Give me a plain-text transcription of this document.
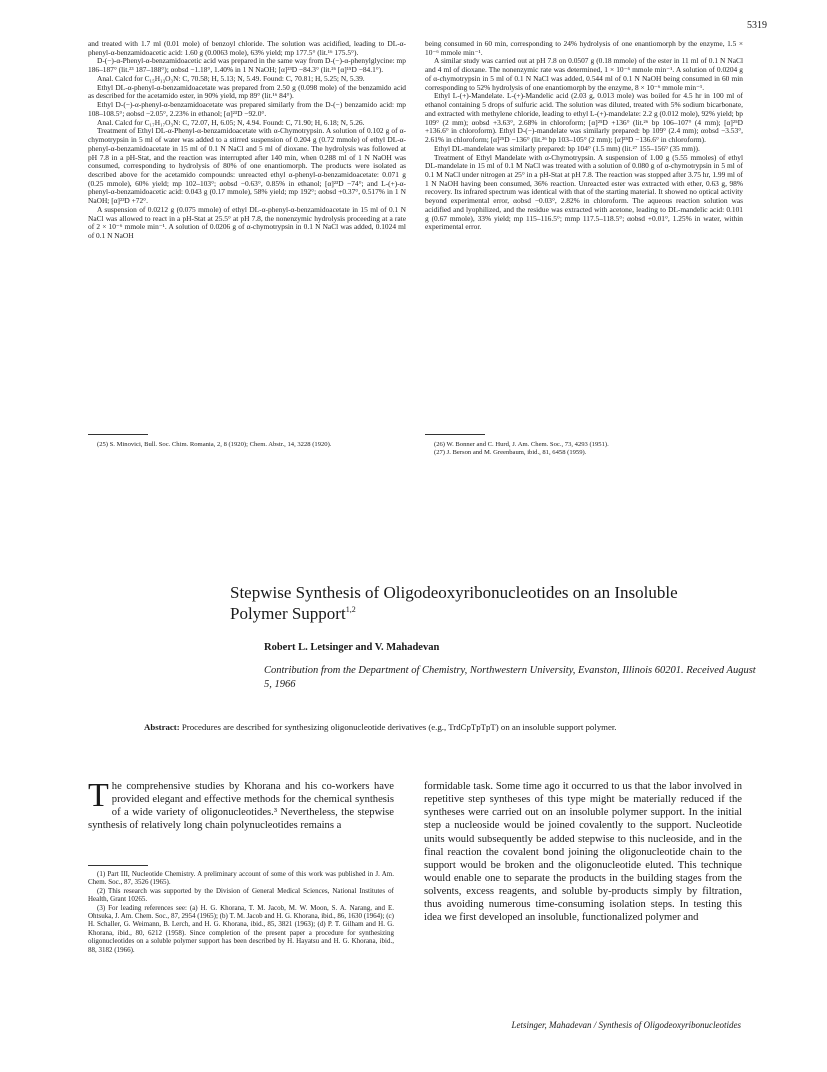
5319

and treated with 1.7 ml (0.01 mole) of benzoyl chloride. The solution was acidified, leading to DL-α-phenyl-α-benzamidoacetic acid: 1.60 g (0.0063 mole), 63% yield; mp 177.5° (lit.¹⁶ 175.5°).

D-(−)-α-Phenyl-α-benzamidoacetic acid was prepared in the same way from D-(−)-α-phenylglycine: mp 186–187° (lit.²³ 187–188°); αobsd −1.18°, 1.40% in 1 N NaOH; [α]²³D −84.3° (lit.²⁶ [α]¹⁵D −84.1°).

Anal. Calcd for C₁₅H₁₃O₃N: C, 70.58; H, 5.13; N, 5.49. Found: C, 70.81; H, 5.25; N, 5.39.

Ethyl DL-α-phenyl-α-benzamidoacetate was prepared from 2.50 g (0.098 mole) of the benzamido acid as described for the acetamido ester, in 90% yield, mp 89° (lit.¹⁶ 84°).

Ethyl D-(−)-α-phenyl-α-benzamidoacetate was prepared similarly from the D-(−) benzamido acid: mp 108–108.5°; αobsd −2.05°, 2.23% in ethanol; [α]²³D −92.0°.

Anal. Calcd for C₁₇H₁₇O₃N: C, 72.07, H, 6.05; N, 4.94. Found: C, 71.90; H, 6.18; N, 5.26.

Treatment of Ethyl DL-α-Phenyl-α-benzamidoacetate with α-Chymotrypsin. A solution of 0.102 g of α-chymotrypsin in 5 ml of water was added to a stirred suspension of 0.204 g (0.72 mmole) of ethyl DL-α-phenyl-α-benzamidoacetate in 15 ml of 0.1 N NaCl and 5 ml of dioxane. The hydrolysis was followed at pH 7.8 in a pH-Stat, and the reaction was interrupted after 140 min, when 0.288 ml of 1 N NaOH was consumed, corresponding to hydrolysis of 80% of one enantiomorph. The products were isolated as described above for the acetamido compounds: unreacted ethyl α-phenyl-α-benzamidoacetate: 0.071 g (0.25 mmole), 60% yield; mp 102–103°; αobsd −0.63°, 0.85% in ethanol; [α]²³D −74°; and L-(+)-α-phenyl-α-benzamidoacetic acid: 0.043 g (0.17 mmole), 58% yield; mp 192°; αobsd +0.37°, 0.517% in 1 N NaOH; [α]²³D +72°.

A suspension of 0.0212 g (0.075 mmole) of ethyl DL-α-phenyl-α-benzamidoacetate in 15 ml of 0.1 N NaCl was allowed to react in a pH-Stat at 25.5° at pH 7.8, the nonenzymic hydrolysis proceeding at a rate of 2 × 10⁻⁶ mmole min⁻¹. A solution of 0.0206 g of α-chymotrypsin in 0.1 N NaCl was added, 0.1024 ml of 0.1 N NaOH

being consumed in 60 min, corresponding to 24% hydrolysis of one enantiomorph by the enzyme, 1.5 × 10⁻⁶ mmole min⁻¹.

A similar study was carried out at pH 7.8 on 0.0507 g (0.18 mmole) of the ester in 11 ml of 0.1 N NaCl and 4 ml of dioxane. The nonenzymic rate was determined, 1 × 10⁻⁶ mmole min⁻¹. A solution of 0.0204 g of α-chymotrypsin in 5 ml of 0.1 N NaCl was added, 0.544 ml of 0.1 N NaOH being consumed in 60 min corresponding to 52% hydrolysis of one enantiomorph by the enzyme, 8 × 10⁻⁶ mmole min⁻¹.

Ethyl L-(+)-Mandelate. L-(+)-Mandelic acid (2.03 g, 0.013 mole) was boiled for 4.5 hr in 100 ml of ethanol containing 5 drops of sulfuric acid. The solution was diluted, treated with 5% sodium bicarbonate, and extracted with methylene chloride, leading to ethyl L-(+)-mandelate: 2.2 g (0.012 mole), 92% yield; bp 109° (2 mm); αobsd +3.63°, 2.68% in chloroform; [α]²⁵D +136° (lit.²⁶ bp 106–107° (4 mm); [α]²⁵D +136.6° in chloroform). Ethyl D-(−)-mandelate was similarly prepared: bp 109° (2.4 mm); αobsd −3.53°, 2.61% in chloroform; [α]²⁵D −136° (lit.²⁶ bp 103–105° (2 mm); [α]²⁵D −136.6° in chloroform).

Ethyl DL-mandelate was similarly prepared: bp 104° (1.5 mm) (lit.²⁷ 155–156° (35 mm)).

Treatment of Ethyl Mandelate with α-Chymotrypsin. A suspension of 1.00 g (5.55 mmoles) of ethyl DL-mandelate in 15 ml of 0.1 M NaCl was treated with a solution of 0.080 g of α-chymotrypsin in 5 ml of 0.1 M NaCl under nitrogen at 25° in a pH-Stat at pH 7.8. The reaction was stopped after 3.75 hr, 1.99 ml of 1 N NaOH having been consumed, 36% reaction. Unreacted ester was extracted with ether, 0.63 g, 98% recovery. Its infrared spectrum was identical with that of the starting material. It showed no optical activity beyond experimental error, αobsd −0.03°, 2.82% in chloroform. The aqueous reaction solution was acidified and lyophilized, and the residue was extracted with acetone, leading to DL-mandelic acid: 0.101 g (0.67 mmole), 33% yield; mp 115–116.5°; mmp 117.5–118.5°; αobsd +0.01°, 1.25% in water, within experimental error.

(25) S. Minovici, Bull. Soc. Chim. Romania, 2, 8 (1920); Chem. Abstr., 14, 3228 (1920).	(26) W. Bonner and C. Hurd, J. Am. Chem. Soc., 73, 4293 (1951).

(27) J. Berson and M. Greenbaum, ibid., 81, 6458 (1959).

Stepwise Synthesis of Oligodeoxyribonucleotides on an Insoluble Polymer Support$^{1,2}$
Robert L. Letsinger and V. Mahadevan
Contribution from the Department of Chemistry, Northwestern University, Evanston, Illinois 60201. Received August 5, 1966
Abstract: Procedures are described for synthesizing oligonucleotide derivatives (e.g., TrdCpTpTpT) on an insoluble support polymer.
The comprehensive studies by Khorana and his co-workers have provided elegant and effective methods for the chemical synthesis of a wide variety of oligonucleotides.³ Nevertheless, the stepwise synthesis of relatively long chain polynucleotides remains a

(1) Part III, Nucleotide Chemistry. A preliminary account of some of this work was published in J. Am. Chem. Soc., 87, 3526 (1965).

(2) This research was supported by the Division of General Medical Sciences, National Institutes of Health, Grant 10265.

(3) For leading references see: (a) H. G. Khorana, T. M. Jacob, M. W. Moon, S. A. Narang, and E. Ohtsuka, J. Am. Chem. Soc., 87, 2954 (1965); (b) T. M. Jacob and H. G. Khorana, ibid., 86, 1630 (1964); (c) H. Schaller, G. Weimann, B. Lerch, and H. G. Khorana, ibid., 85, 3821 (1963); (d) P. T. Gilham and H. G. Khorana, ibid., 80, 6212 (1958). Since completion of the present paper a procedure for synthesizing oligonucleotides on a soluble polymer support has been described by H. Hayatsu and H. G. Khorana, ibid., 88, 3182 (1966).

formidable task. Some time ago it occurred to us that the labor involved in repetitive step syntheses of this type might be materially reduced if the syntheses were carried out on an insoluble polymer support. In the initial step a nucleoside would be joined covalently to the support. Nucleotide units would subsequently be added stepwise to this nucleoside, and in the final reaction the covalent bond joining the oligonucleotide chain to the support would be broken and the oligonucleotide eluted. This technique would enable one to separate the products in the building stages from the solvents, excess reagents, and soluble by-products simply by filtration, thus avoiding numerous time-consuming isolation steps. In testing this idea we first developed an insoluble, functionalized polymer and
Letsinger, Mahadevan / Synthesis of Oligodeoxyribonucleotides
